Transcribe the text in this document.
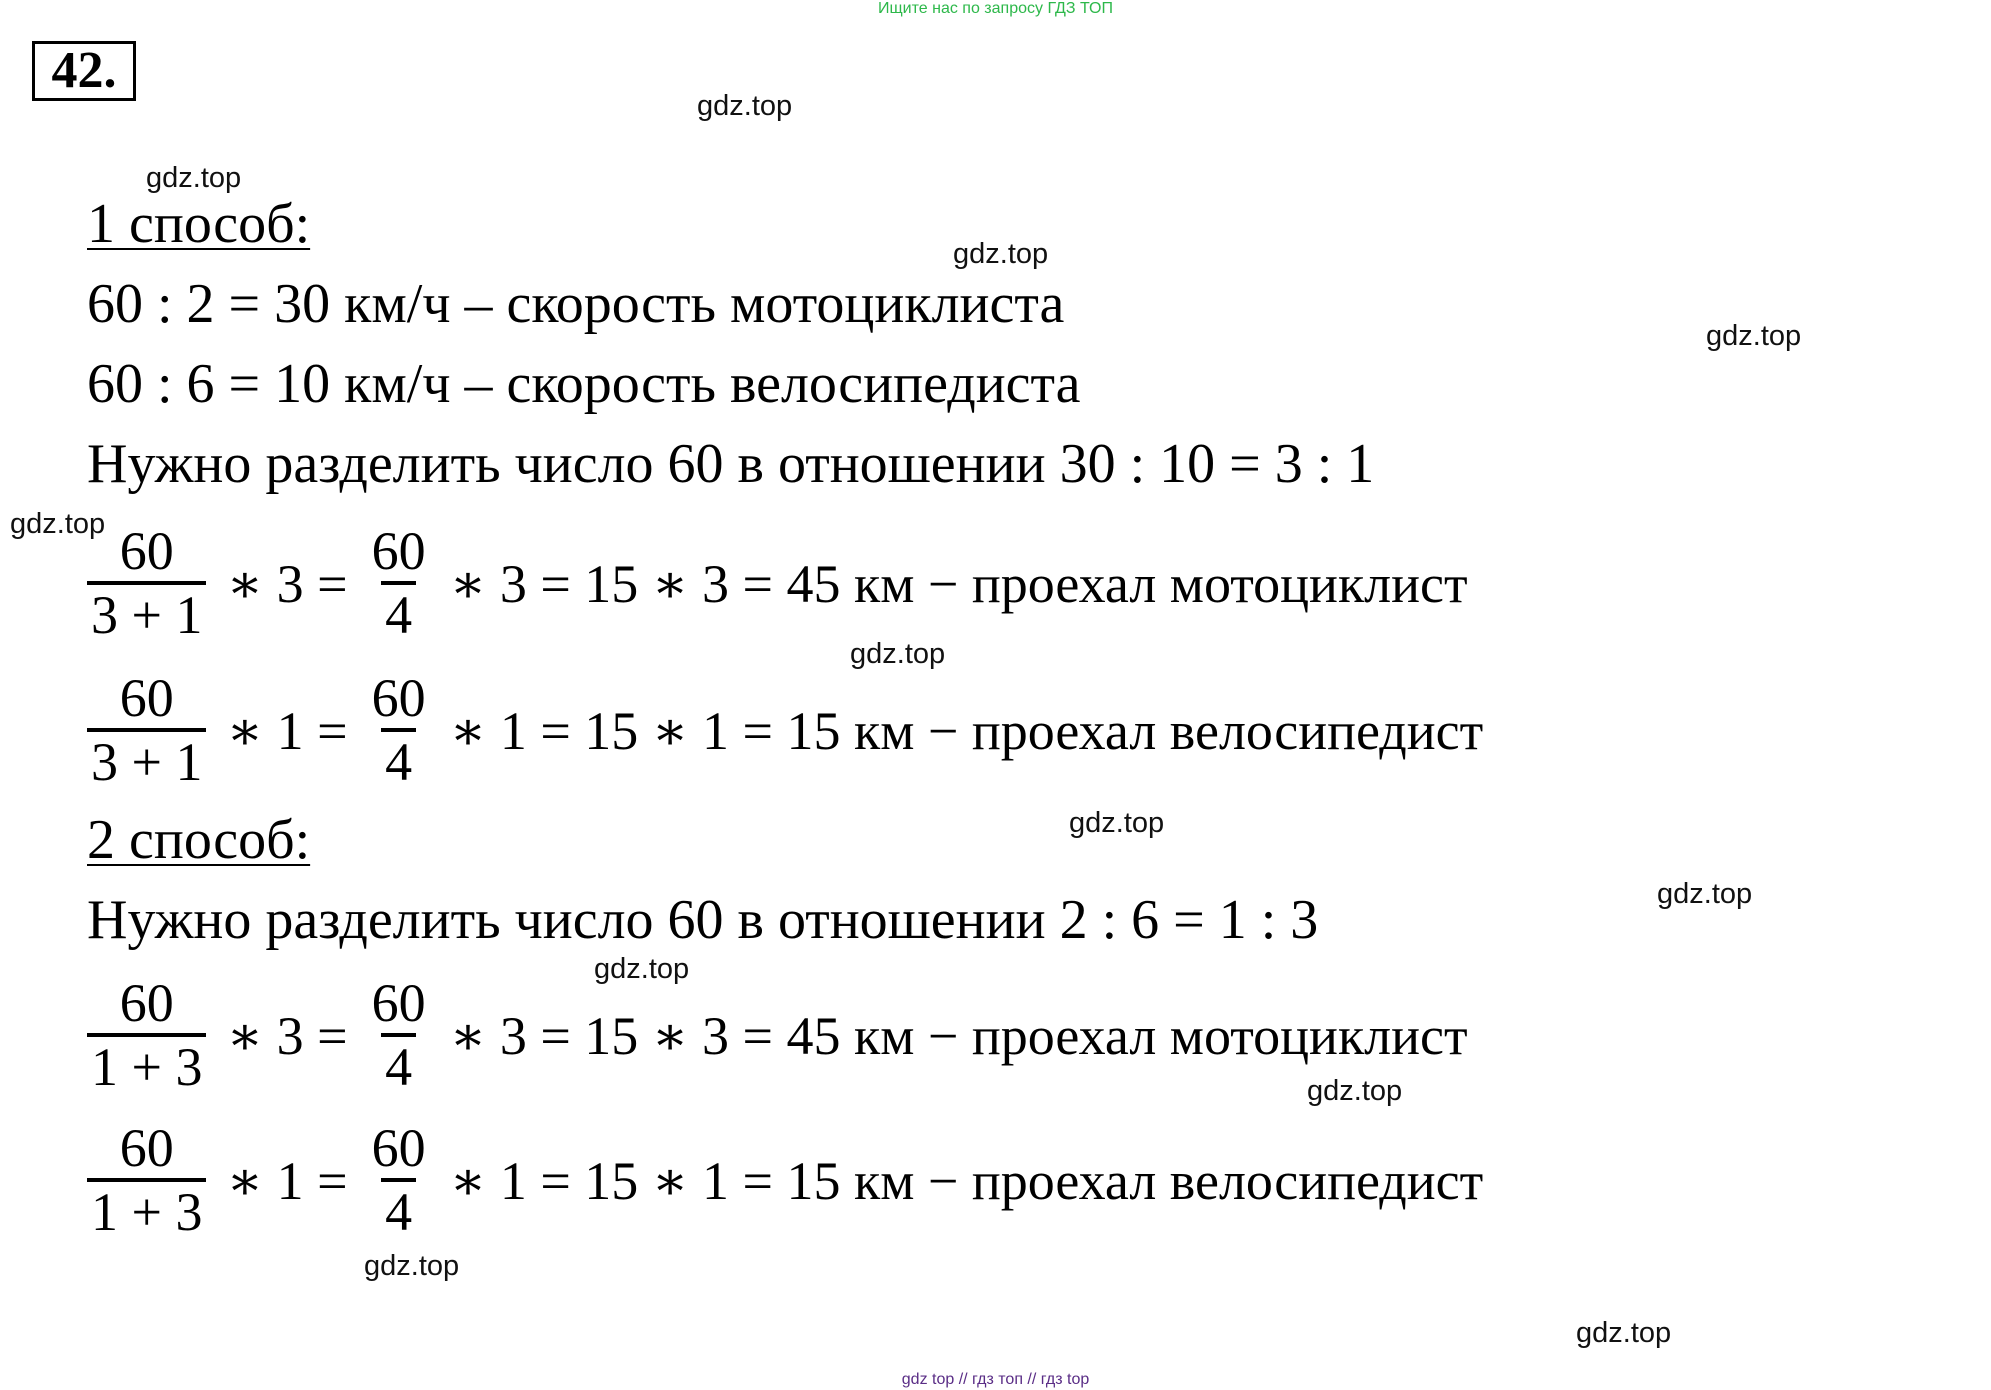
Ищите нас по запросу ГДЗ ТОП
42.
gdz.top
gdz.top
gdz.top
gdz.top
gdz.top
gdz.top
gdz.top
gdz.top
gdz.top
gdz.top
gdz.top
gdz.top
1 способ:
60 : 2 = 30 км/ч – скорость мотоциклиста
60 : 6 = 10 км/ч – скорость велосипедиста
Нужно разделить число 60 в отношении 30 : 10 = 3 : 1
$\frac{60}{3 + 1}$ ∗ $3 = \frac{60}{4}$ ∗ 3 = 15 ∗ 3 = 45 км − проехал мотоциклист
$\frac{60}{3 + 1}$ ∗ $1 = \frac{60}{4}$ ∗ 1 = 15 ∗ 1 = 15 км − проехал велосипедист
2 способ:
Нужно разделить число 60 в отношении 2 : 6 = 1 : 3
$\frac{60}{1 + 3}$ ∗ $3 = \frac{60}{4}$ ∗ 3 = 15 ∗ 3 = 45 км − проехал мотоциклист
$\frac{60}{1 + 3}$ ∗ $1 = \frac{60}{4}$ ∗ 1 = 15 ∗ 1 = 15 км − проехал велосипедист
gdz top // гдз топ // гдз top
